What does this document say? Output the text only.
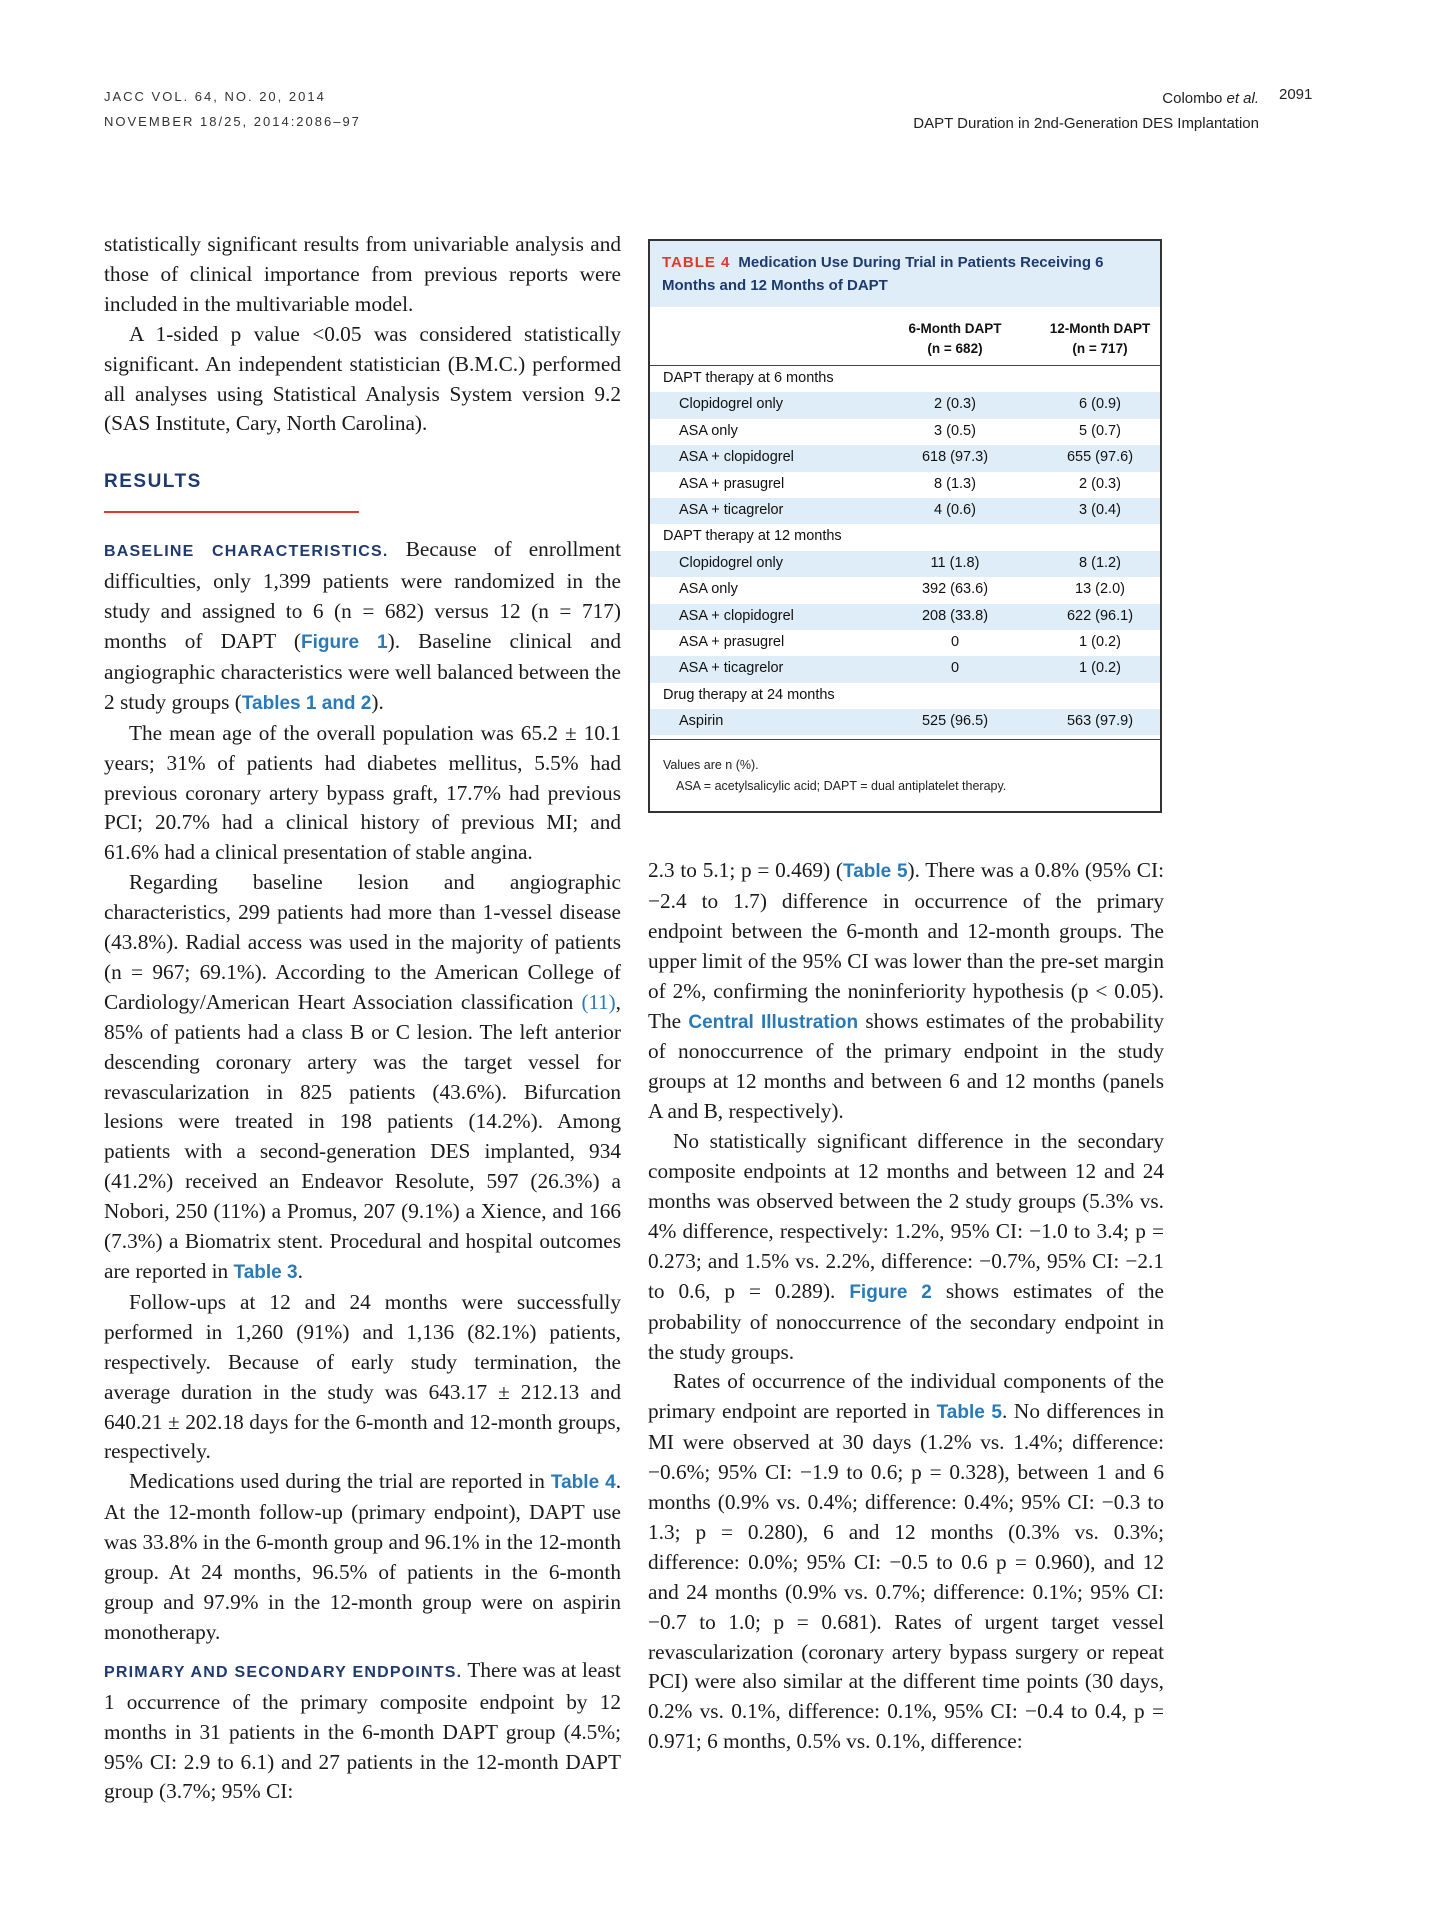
JACC VOL. 64, NO. 20, 2014
NOVEMBER 18/25, 2014:2086–97
Colombo et al.
DAPT Duration in 2nd-Generation DES Implantation
2091

statistically significant results from univariable analysis and those of clinical importance from previous reports were included in the multivariable model.

A 1-sided p value <0.05 was considered statistically significant. An independent statistician (B.M.C.) performed all analyses using Statistical Analysis System version 9.2 (SAS Institute, Cary, North Carolina).

RESULTS

BASELINE CHARACTERISTICS. Because of enrollment difficulties, only 1,399 patients were randomized in the study and assigned to 6 (n = 682) versus 12 (n = 717) months of DAPT (Figure 1). Baseline clinical and angiographic characteristics were well balanced between the 2 study groups (Tables 1 and 2).

The mean age of the overall population was 65.2 ± 10.1 years; 31% of patients had diabetes mellitus, 5.5% had previous coronary artery bypass graft, 17.7% had previous PCI; 20.7% had a clinical history of previous MI; and 61.6% had a clinical presentation of stable angina.

Regarding baseline lesion and angiographic characteristics, 299 patients had more than 1-vessel disease (43.8%). Radial access was used in the majority of patients (n = 967; 69.1%). According to the American College of Cardiology/American Heart Association classification (11), 85% of patients had a class B or C lesion. The left anterior descending coronary artery was the target vessel for revascularization in 825 patients (43.6%). Bifurcation lesions were treated in 198 patients (14.2%). Among patients with a second-generation DES implanted, 934 (41.2%) received an Endeavor Resolute, 597 (26.3%) a Nobori, 250 (11%) a Promus, 207 (9.1%) a Xience, and 166 (7.3%) a Biomatrix stent. Procedural and hospital outcomes are reported in Table 3.

Follow-ups at 12 and 24 months were successfully performed in 1,260 (91%) and 1,136 (82.1%) patients, respectively. Because of early study termination, the average duration in the study was 643.17 ± 212.13 and 640.21 ± 202.18 days for the 6-month and 12-month groups, respectively.

Medications used during the trial are reported in Table 4. At the 12-month follow-up (primary endpoint), DAPT use was 33.8% in the 6-month group and 96.1% in the 12-month group. At 24 months, 96.5% of patients in the 6-month group and 97.9% in the 12-month group were on aspirin monotherapy.

PRIMARY AND SECONDARY ENDPOINTS. There was at least 1 occurrence of the primary composite endpoint by 12 months in 31 patients in the 6-month DAPT group (4.5%; 95% CI: 2.9 to 6.1) and 27 patients in the 12-month DAPT group (3.7%; 95% CI:

TABLE 4 Medication Use During Trial in Patients Receiving 6 Months and 12 Months of DAPT
6-Month DAPT
(n = 682)
12-Month DAPT
(n = 717)
DAPT therapy at 6 months
Clopidogrel only	2 (0.3)	6 (0.9)
ASA only	3 (0.5)	5 (0.7)
ASA + clopidogrel	618 (97.3)	655 (97.6)
ASA + prasugrel	8 (1.3)	2 (0.3)
ASA + ticagrelor	4 (0.6)	3 (0.4)
DAPT therapy at 12 months
Clopidogrel only	11 (1.8)	8 (1.2)
ASA only	392 (63.6)	13 (2.0)
ASA + clopidogrel	208 (33.8)	622 (96.1)
ASA + prasugrel	0	1 (0.2)
ASA + ticagrelor	0	1 (0.2)
Drug therapy at 24 months
Aspirin	525 (96.5)	563 (97.9)
Values are n (%).
ASA = acetylsalicylic acid; DAPT = dual antiplatelet therapy.

2.3 to 5.1; p = 0.469) (Table 5). There was a 0.8% (95% CI: −2.4 to 1.7) difference in occurrence of the primary endpoint between the 6-month and 12-month groups. The upper limit of the 95% CI was lower than the pre-set margin of 2%, confirming the noninferiority hypothesis (p < 0.05). The Central Illustration shows estimates of the probability of nonoccurrence of the primary endpoint in the study groups at 12 months and between 6 and 12 months (panels A and B, respectively).

No statistically significant difference in the secondary composite endpoints at 12 months and between 12 and 24 months was observed between the 2 study groups (5.3% vs. 4% difference, respectively: 1.2%, 95% CI: −1.0 to 3.4; p = 0.273; and 1.5% vs. 2.2%, difference: −0.7%, 95% CI: −2.1 to 0.6, p = 0.289). Figure 2 shows estimates of the probability of nonoccurrence of the secondary endpoint in the study groups.

Rates of occurrence of the individual components of the primary endpoint are reported in Table 5. No differences in MI were observed at 30 days (1.2% vs. 1.4%; difference: −0.6%; 95% CI: −1.9 to 0.6; p = 0.328), between 1 and 6 months (0.9% vs. 0.4%; difference: 0.4%; 95% CI: −0.3 to 1.3; p = 0.280), 6 and 12 months (0.3% vs. 0.3%; difference: 0.0%; 95% CI: −0.5 to 0.6 p = 0.960), and 12 and 24 months (0.9% vs. 0.7%; difference: 0.1%; 95% CI: −0.7 to 1.0; p = 0.681). Rates of urgent target vessel revascularization (coronary artery bypass surgery or repeat PCI) were also similar at the different time points (30 days, 0.2% vs. 0.1%, difference: 0.1%, 95% CI: −0.4 to 0.4, p = 0.971; 6 months, 0.5% vs. 0.1%, difference:
